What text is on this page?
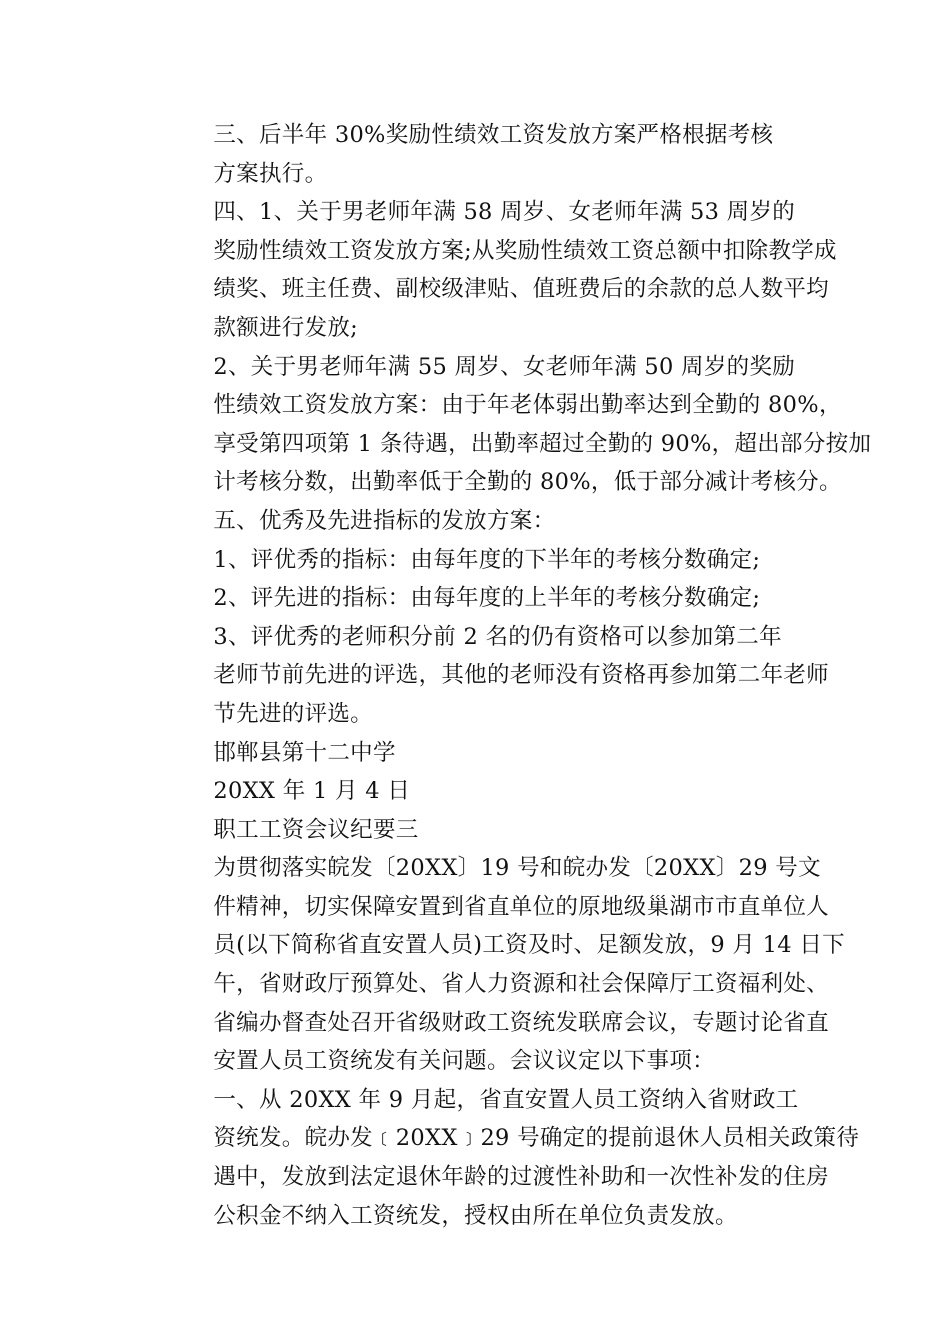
三、后半年 30%奖励性绩效工资发放方案严格根据考核
方案执行。

四、1、关于男老师年满 58 周岁、女老师年满 53 周岁的
奖励性绩效工资发放方案;从奖励性绩效工资总额中扣除教学成
绩奖、班主任费、副校级津贴、值班费后的余款的总人数平均
款额进行发放;

2、关于男老师年满 55 周岁、女老师年满 50 周岁的奖励
性绩效工资发放方案：由于年老体弱出勤率达到全勤的 80%，
享受第四项第 1 条待遇，出勤率超过全勤的 90%，超出部分按加
计考核分数，出勤率低于全勤的 80%，低于部分减计考核分。

五、优秀及先进指标的发放方案：

1、评优秀的指标：由每年度的下半年的考核分数确定;

2、评先进的指标：由每年度的上半年的考核分数确定;

3、评优秀的老师积分前 2 名的仍有资格可以参加第二年
老师节前先进的评选，其他的老师没有资格再参加第二年老师
节先进的评选。

邯郸县第十二中学

20XX 年 1 月 4 日

职工工资会议纪要三

为贯彻落实皖发〔20XX〕19 号和皖办发〔20XX〕29 号文
件精神，切实保障安置到省直单位的原地级巢湖市市直单位人
员(以下简称省直安置人员)工资及时、足额发放，9 月 14 日下
午，省财政厅预算处、省人力资源和社会保障厅工资福利处、
省编办督查处召开省级财政工资统发联席会议，专题讨论省直
安置人员工资统发有关问题。会议议定以下事项：

一、从 20XX 年 9 月起，省直安置人员工资纳入省财政工
资统发。皖办发﹝20XX﹞29 号确定的提前退休人员相关政策待
遇中，发放到法定退休年龄的过渡性补助和一次性补发的住房
公积金不纳入工资统发，授权由所在单位负责发放。
